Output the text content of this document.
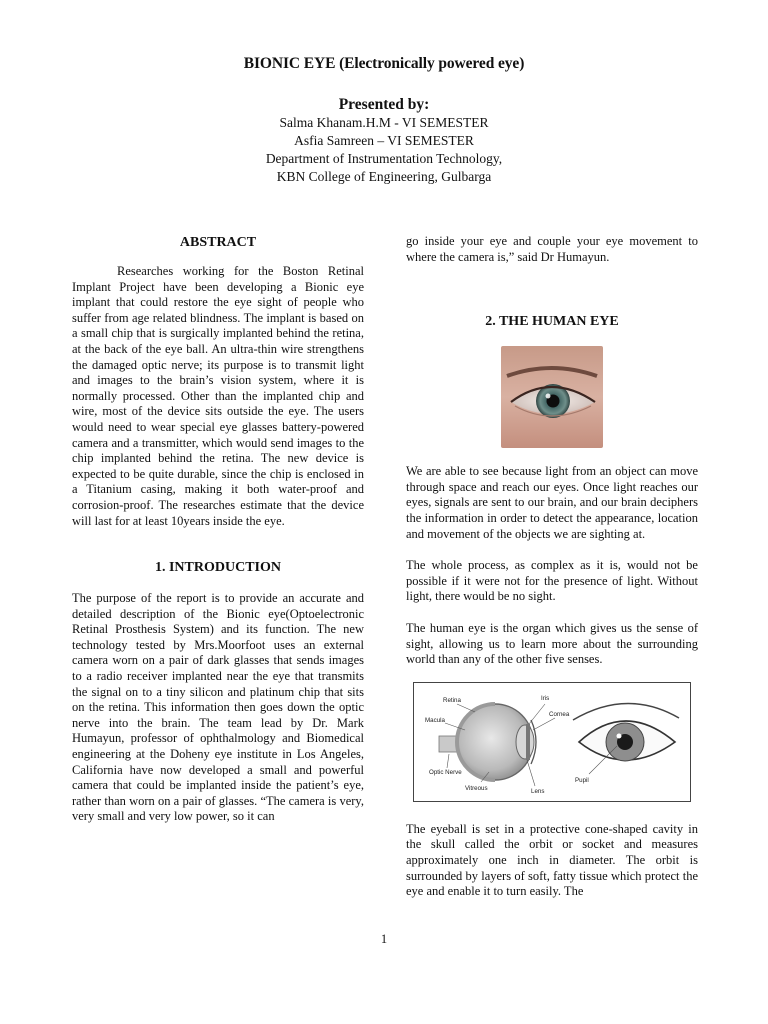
BIONIC EYE (Electronically powered eye)
Presented by:
Salma Khanam.H.M - VI SEMESTER
Asfia Samreen – VI SEMESTER
Department of Instrumentation Technology,
KBN College of Engineering, Gulbarga
ABSTRACT

Researches working for the Boston Retinal Implant Project have been developing a Bionic eye implant that could restore the eye sight of people who suffer from age related blindness. The implant is based on a small chip that is surgically implanted behind the retina, at the back of the eye ball. An ultra-thin wire strengthens the damaged optic nerve; its purpose is to transmit light and images to the brain’s vision system, where it is normally processed. Other than the implanted chip and wire, most of the device sits outside the eye. The users would need to wear special eye glasses battery-powered camera and a transmitter, which would send images to the chip implanted behind the retina. The new device is expected to be quite durable, since the chip is enclosed in a Titanium casing, making it both water-proof and corrosion-proof. The researches estimate that the device will last for at least 10years inside the eye.

1. INTRODUCTION

The purpose of the report is to provide an accurate and detailed description of the Bionic eye(Optoelectronic Retinal Prosthesis System) and its function. The new technology tested by Mrs.Moorfoot uses an external camera worn on a pair of dark glasses that sends images to a radio receiver implanted near the eye that transmits the signal on to a tiny silicon and platinum chip that sits on the retina. This information then goes down the optic nerve into the brain. The team lead by Dr. Mark Humayun, professor of ophthalmology and Biomedical engineering at the Doheny eye institute in Los Angeles, California have now developed a small and powerful camera that could be implanted inside the patient’s eye, rather than worn on a pair of glasses. “The camera is very, very small and very low power, so it can

go inside your eye and couple your eye movement to where the camera is,” said Dr Humayun.

2. THE HUMAN EYE

We are able to see because light from an object can move through space and reach our eyes. Once light reaches our eyes, signals are sent to our brain, and our brain deciphers the information in order to detect the appearance, location and movement of the objects we are sighting at.

The whole process, as complex as it is, would not be possible if it were not for the presence of light. Without light, there would be no sight.

The human eye is the organ which gives us the sense of sight, allowing us to learn more about the surrounding world than any of the other five senses.

Retina
Macula
Optic Nerve
Vitreous
Iris
Cornea
Lens
Pupil

The eyeball is set in a protective cone-shaped cavity in the skull called the orbit or socket and measures approximately one inch in diameter. The orbit is surrounded by layers of soft, fatty tissue which protect the eye and enable it to turn easily. The

1
